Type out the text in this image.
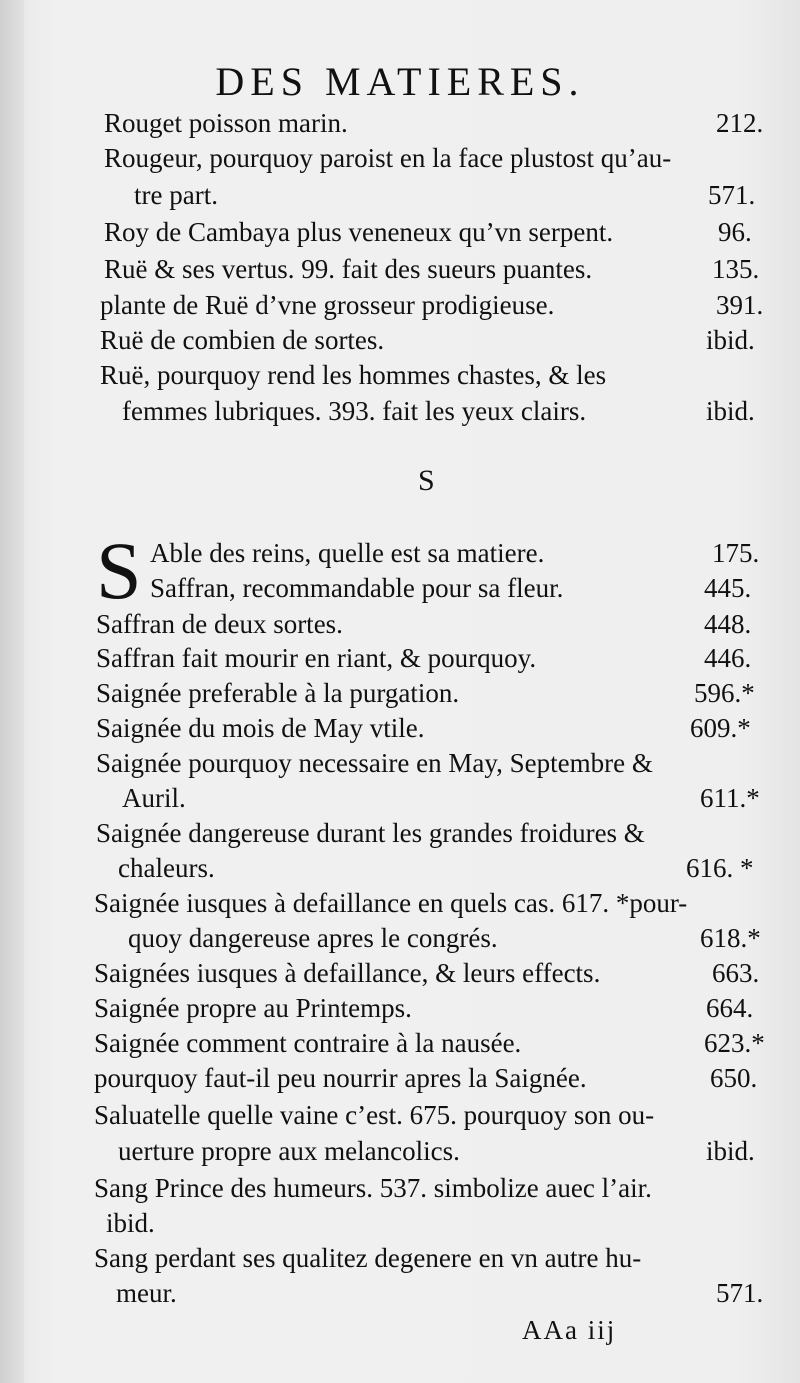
DES MATIERES.
Rouget poisson marin.	212.
Rougeur, pourquoy paroist en la face plustost qu’au-
tre part.	571.
Roy de Cambaya plus veneneux qu’vn serpent.	96.
Ruë & ses vertus. 99. fait des sueurs puantes.	135.
plante de Ruë d’vne grosseur prodigieuse.	391.
Ruë de combien de sortes.	ibid.
Ruë, pourquoy rend les hommes chastes, & les
femmes lubriques. 393. fait les yeux clairs.	ibid.
S
S Able des reins, quelle est sa matiere.	175.
Saffran, recommandable pour sa fleur.	445.
Saffran de deux sortes.	448.
Saffran fait mourir en riant, & pourquoy.	446.
Saignée preferable à la purgation.	596.*
Saignée du mois de May vtile.	609.*
Saignée pourquoy necessaire en May, Septembre &
Auril.	611.*
Saignée dangereuse durant les grandes froidures &
chaleurs.	616. *
Saignée iusques à defaillance en quels cas. 617. *pour-
quoy dangereuse apres le congrés.	618.*
Saignées iusques à defaillance, & leurs effects.	663.
Saignée propre au Printemps.	664.
Saignée comment contraire à la nausée.	623.*
pourquoy faut-il peu nourrir apres la Saignée.	650.
Saluatelle quelle vaine c’est. 675. pourquoy son ou-
uerture propre aux melancolics.	ibid.
Sang Prince des humeurs. 537. simbolize auec l’air.
ibid.
Sang perdant ses qualitez degenere en vn autre hu-
meur.	571.
AAa iij
